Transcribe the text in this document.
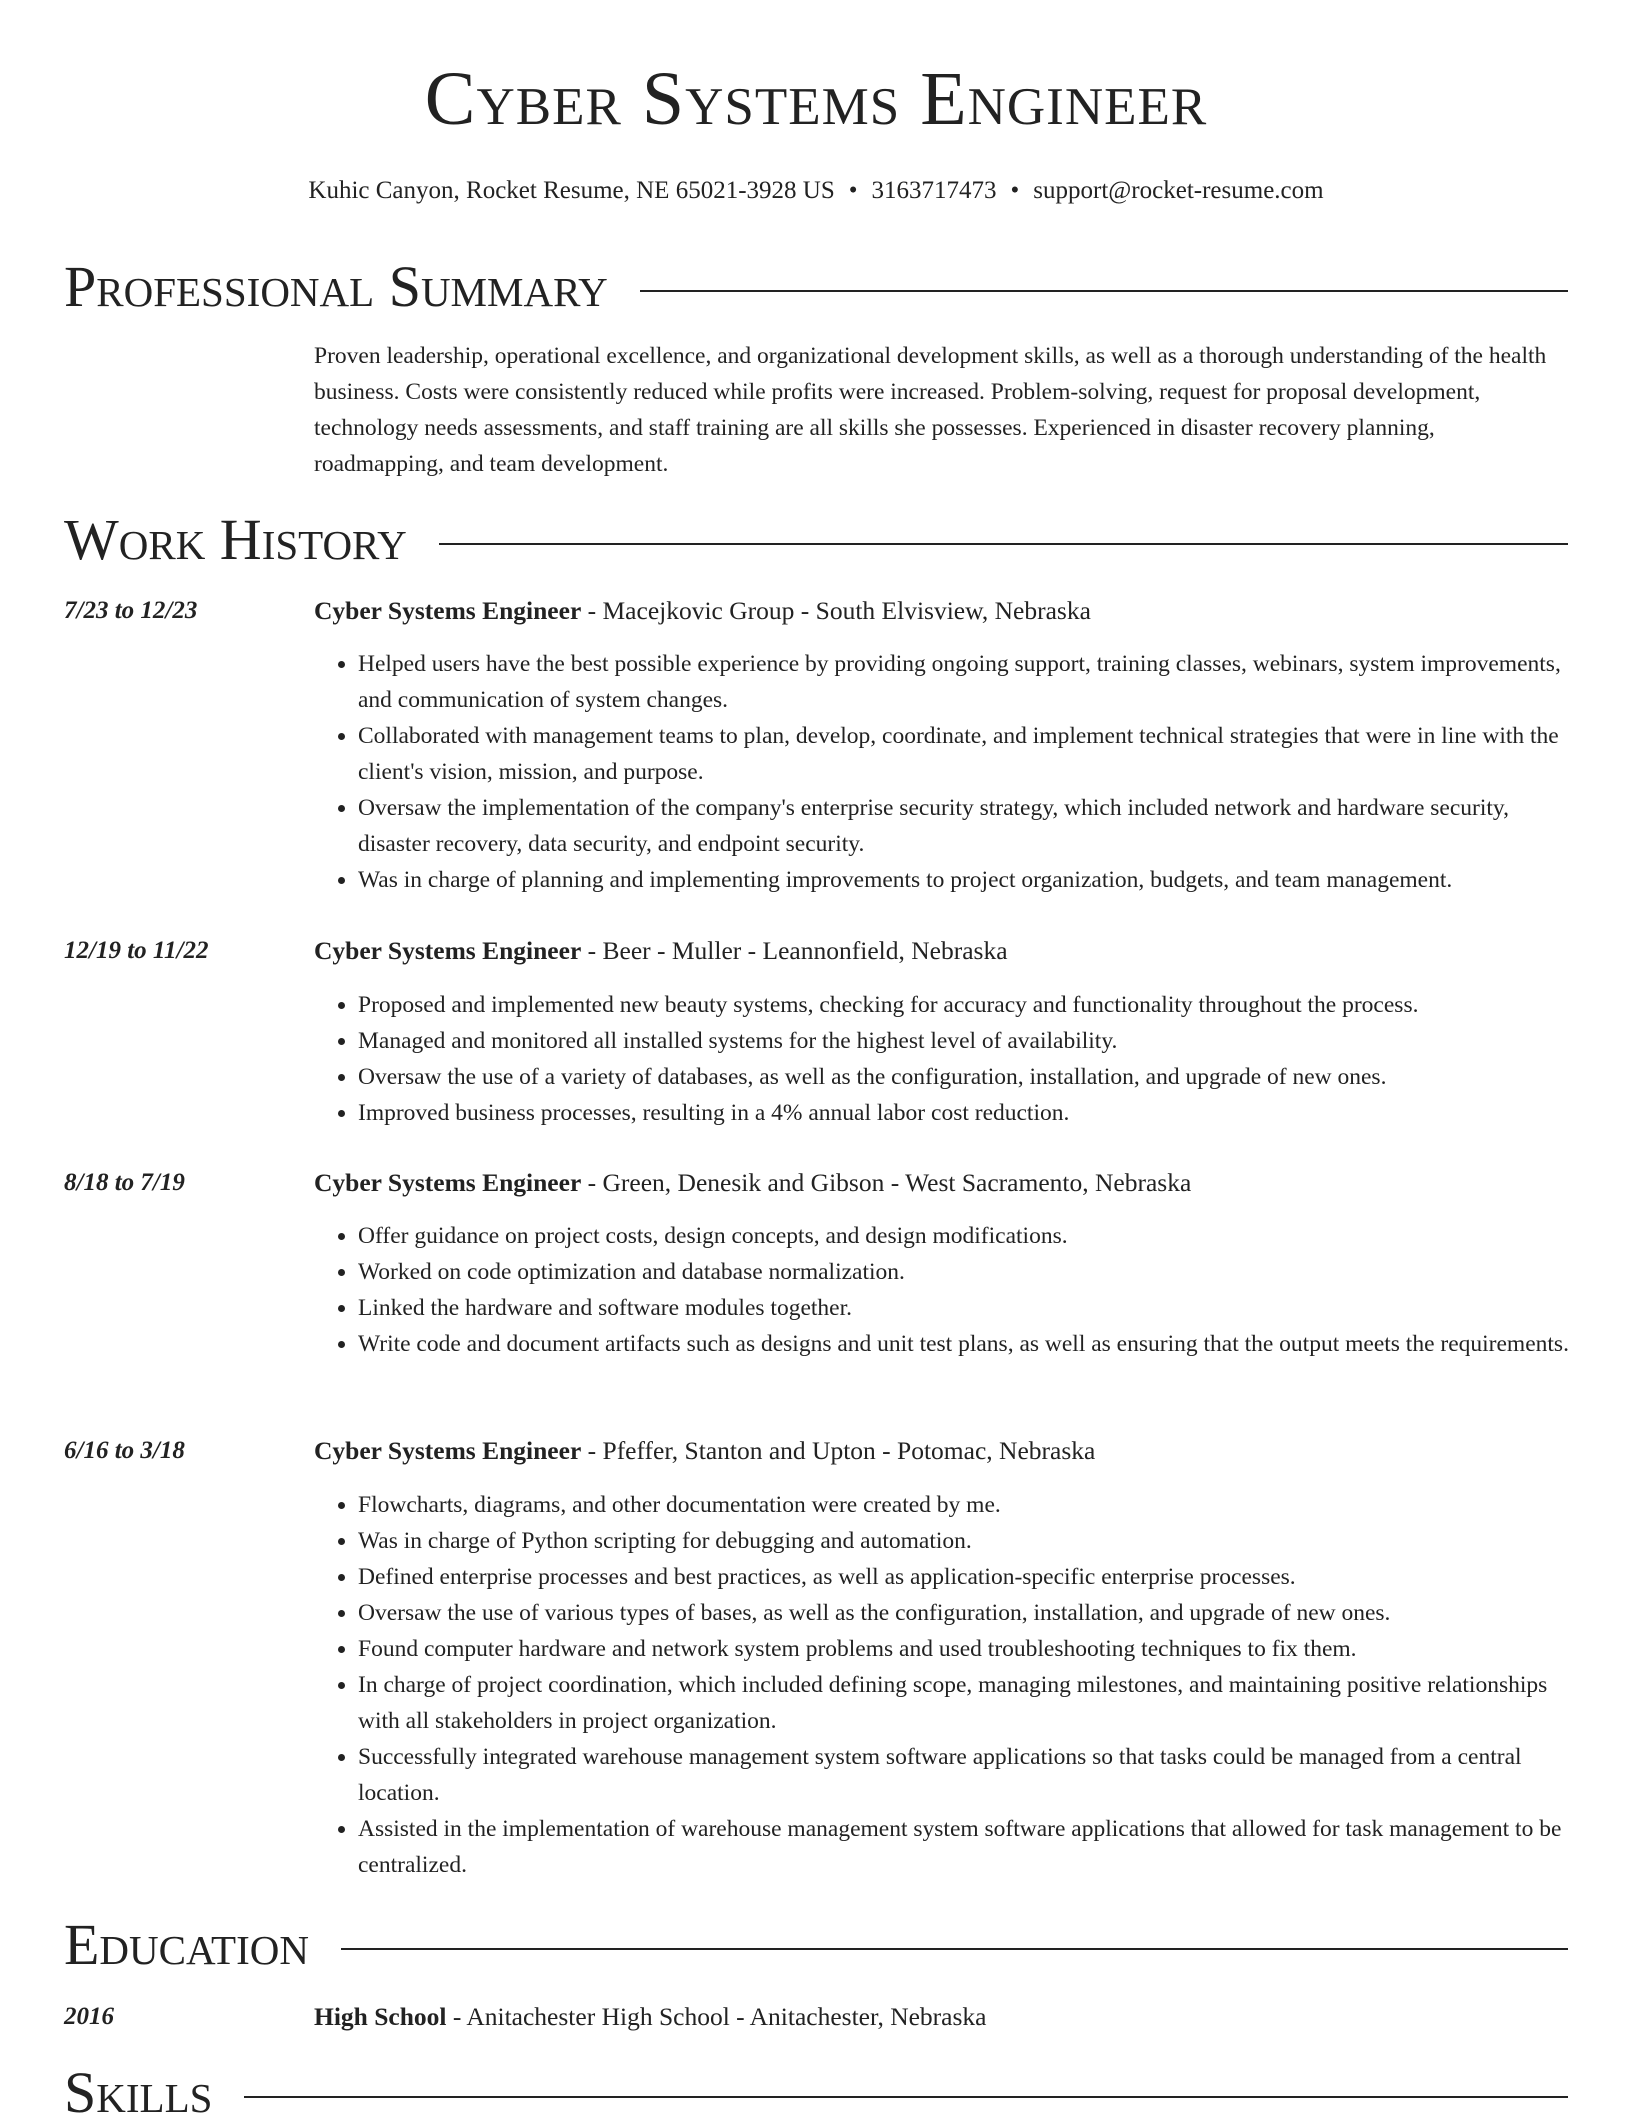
Cyber Systems Engineer
Kuhic Canyon, Rocket Resume, NE 65021-3928 US • 3163717473 • support@rocket-resume.com
Professional Summary
Proven leadership, operational excellence, and organizational development skills, as well as a thorough understanding of the health business. Costs were consistently reduced while profits were increased. Problem-solving, request for proposal development, technology needs assessments, and staff training are all skills she possesses. Experienced in disaster recovery planning, roadmapping, and team development.
Work History
7/23 to 12/23	Cyber Systems Engineer - Macejkovic Group - South Elvisview, Nebraska
• Helped users have the best possible experience by providing ongoing support, training classes, webinars, system improvements, and communication of system changes.
• Collaborated with management teams to plan, develop, coordinate, and implement technical strategies that were in line with the client's vision, mission, and purpose.
• Oversaw the implementation of the company's enterprise security strategy, which included network and hardware security, disaster recovery, data security, and endpoint security.
• Was in charge of planning and implementing improvements to project organization, budgets, and team management.
12/19 to 11/22	Cyber Systems Engineer - Beer - Muller - Leannonfield, Nebraska
• Proposed and implemented new beauty systems, checking for accuracy and functionality throughout the process.
• Managed and monitored all installed systems for the highest level of availability.
• Oversaw the use of a variety of databases, as well as the configuration, installation, and upgrade of new ones.
• Improved business processes, resulting in a 4% annual labor cost reduction.
8/18 to 7/19	Cyber Systems Engineer - Green, Denesik and Gibson - West Sacramento, Nebraska
• Offer guidance on project costs, design concepts, and design modifications.
• Worked on code optimization and database normalization.
• Linked the hardware and software modules together.
• Write code and document artifacts such as designs and unit test plans, as well as ensuring that the output meets the requirements.
6/16 to 3/18	Cyber Systems Engineer - Pfeffer, Stanton and Upton - Potomac, Nebraska
• Flowcharts, diagrams, and other documentation were created by me.
• Was in charge of Python scripting for debugging and automation.
• Defined enterprise processes and best practices, as well as application-specific enterprise processes.
• Oversaw the use of various types of bases, as well as the configuration, installation, and upgrade of new ones.
• Found computer hardware and network system problems and used troubleshooting techniques to fix them.
• In charge of project coordination, which included defining scope, managing milestones, and maintaining positive relationships with all stakeholders in project organization.
• Successfully integrated warehouse management system software applications so that tasks could be managed from a central location.
• Assisted in the implementation of warehouse management system software applications that allowed for task management to be centralized.
Education
2016	High School - Anitachester High School - Anitachester, Nebraska
Skills
